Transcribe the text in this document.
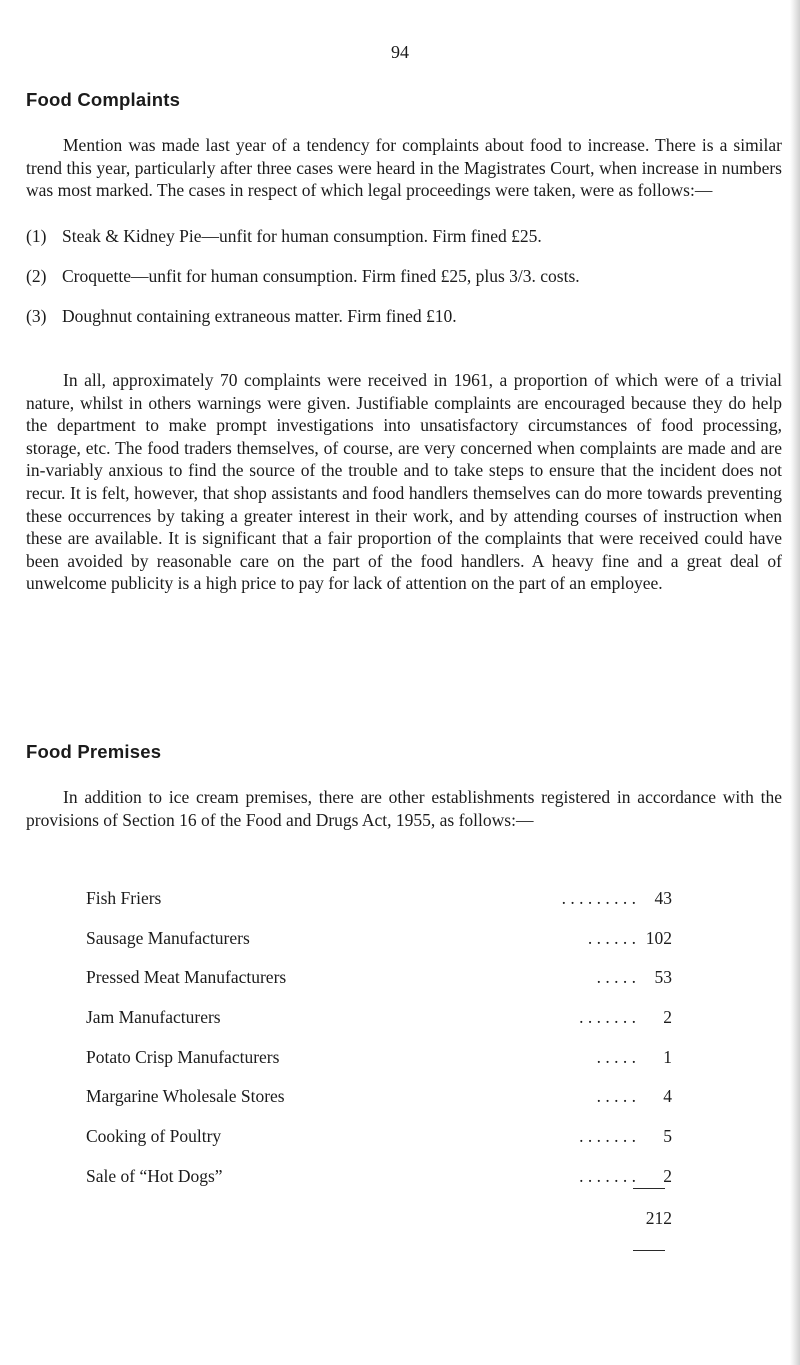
94
Food Complaints

Mention was made last year of a tendency for complaints about food to increase. There is a similar trend this year, particularly after three cases were heard in the Magistrates Court, when increase in numbers was most marked. The cases in respect of which legal proceedings were taken, were as follows:—

(1) Steak & Kidney Pie—unfit for human consumption. Firm fined £25.
(2) Croquette—unfit for human consumption. Firm fined £25, plus 3/3. costs.
(3) Doughnut containing extraneous matter. Firm fined £10.

In all, approximately 70 complaints were received in 1961, a proportion of which were of a trivial nature, whilst in others warnings were given. Justifiable complaints are encouraged because they do help the department to make prompt investigations into unsatisfactory circumstances of food processing, storage, etc. The food traders themselves, of course, are very concerned when complaints are made and are in-variably anxious to find the source of the trouble and to take steps to ensure that the incident does not recur. It is felt, however, that shop assistants and food handlers themselves can do more towards preventing these occurrences by taking a greater interest in their work, and by attending courses of instruction when these are available. It is significant that a fair proportion of the complaints that were received could have been avoided by reasonable care on the part of the food handlers. A heavy fine and a great deal of unwelcome publicity is a high price to pay for lack of attention on the part of an employee.

Food Premises

In addition to ice cream premises, there are other establishments registered in accordance with the provisions of Section 16 of the Food and Drugs Act, 1955, as follows:—

Fish Friers	. . . . . . . . .	43
Sausage Manufacturers	. . . . . . 102
Pressed Meat Manufacturers	. . . . .	53
Jam Manufacturers	. . . . . . .	2
Potato Crisp Manufacturers	. . . . .	1
Margarine Wholesale Stores	. . . . .	4
Cooking of Poultry	. . . . . . .	5
Sale of “Hot Dogs”	. . . . . . .	2
212
